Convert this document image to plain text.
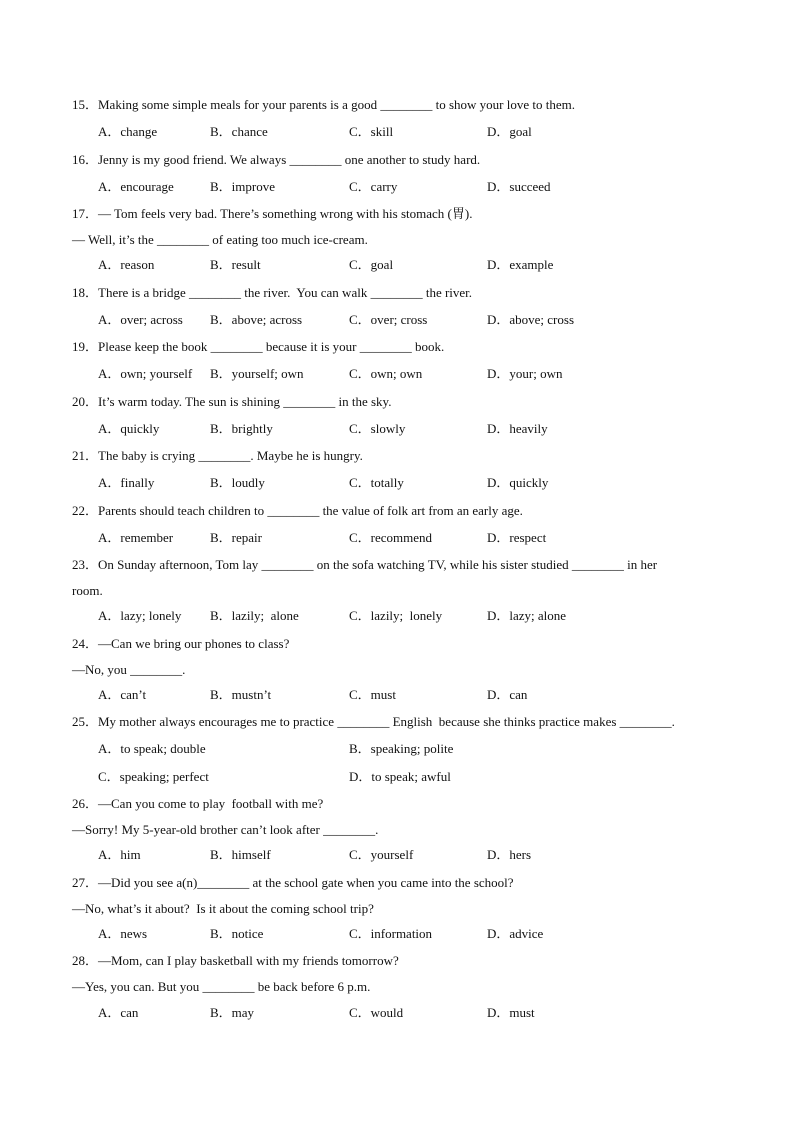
15．Making some simple meals for your parents is a good ________ to show your love to them.
A．change	B．chance	C．skill	D．goal
16．Jenny is my good friend. We always ________ one another to study hard.
A．encourage	B．improve	C．carry	D．succeed
17．— Tom feels very bad. There’s something wrong with his stomach (胃).
— Well, it’s the ________ of eating too much ice-cream.
A．reason	B．result	C．goal	D．example
18．There is a bridge ________ the river.  You can walk ________ the river.
A．over; across B．above; across	C．over; cross	D．above; cross
19．Please keep the book ________ because it is your ________ book.
A．own; yourself B．yourself; own	C．own; own	D．your; own
20．It’s warm today. The sun is shining ________ in the sky.
A．quickly	B．brightly	C．slowly	D．heavily
21．The baby is crying ________. Maybe he is hungry.
A．finally	B．loudly	C．totally	D．quickly
22．Parents should teach children to ________ the value of folk art from an early age.
A．remember	B．repair	C．recommend	D．respect
23．On Sunday afternoon, Tom lay ________ on the sofa watching TV, while his sister studied ________ in her
room.
A．lazy; lonely B．lazily;  alone	C．lazily;  lonely	D．lazy; alone
24．—Can we bring our phones to class?
—No, you ________.
A．can’t	B．mustn’t	C．must	D．can
25．My mother always encourages me to practice ________ English  because she thinks practice makes ________.
A．to speak; double	B．speaking; polite
C．speaking; perfect	D．to speak; awful
26．—Can you come to play  football with me?
—Sorry! My 5-year-old brother can’t look after ________.
A．him	B．himself	C．yourself	D．hers
27．—Did you see a(n)________ at the school gate when you came into the school?
—No, what’s it about?  Is it about the coming school trip?
A．news	B．notice	C．information	D．advice
28．—Mom, can I play basketball with my friends tomorrow?
—Yes, you can. But you ________ be back before 6 p.m.
A．can	B．may	C．would	D．must
